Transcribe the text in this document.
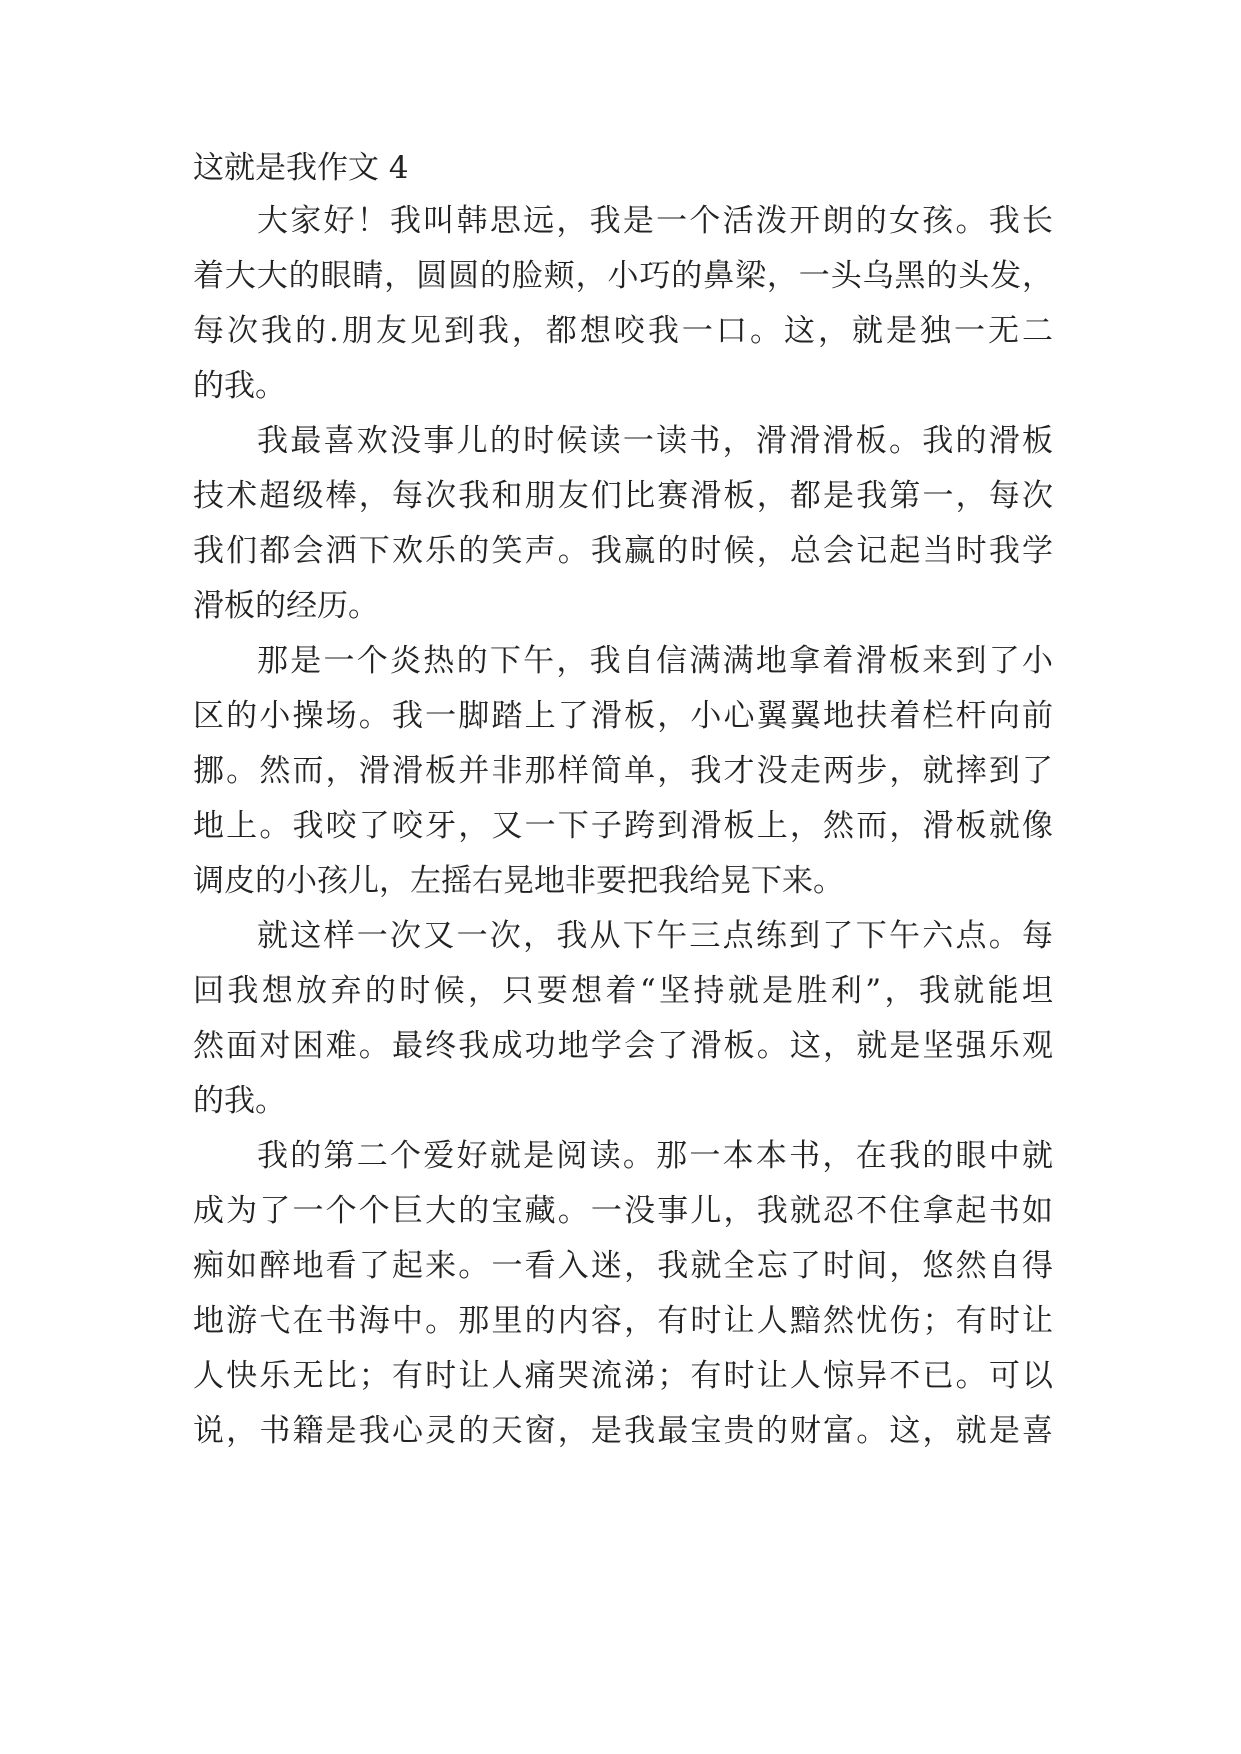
这就是我作文 4
大家好！我叫韩思远，我是一个活泼开朗的女孩。我长
着大大的眼睛，圆圆的脸颊，小巧的鼻梁，一头乌黑的头发，
每次我的.朋友见到我，都想咬我一口。这，就是独一无二
的我。
我最喜欢没事儿的时候读一读书，滑滑滑板。我的滑板
技术超级棒，每次我和朋友们比赛滑板，都是我第一，每次
我们都会洒下欢乐的笑声。我赢的时候，总会记起当时我学
滑板的经历。
那是一个炎热的下午，我自信满满地拿着滑板来到了小
区的小操场。我一脚踏上了滑板，小心翼翼地扶着栏杆向前
挪。然而，滑滑板并非那样简单，我才没走两步，就摔到了
地上。我咬了咬牙，又一下子跨到滑板上，然而，滑板就像
调皮的小孩儿，左摇右晃地非要把我给晃下来。
就这样一次又一次，我从下午三点练到了下午六点。每
回我想放弃的时候，只要想着“坚持就是胜利”，我就能坦
然面对困难。最终我成功地学会了滑板。这，就是坚强乐观
的我。
我的第二个爱好就是阅读。那一本本书，在我的眼中就
成为了一个个巨大的宝藏。一没事儿，我就忍不住拿起书如
痴如醉地看了起来。一看入迷，我就全忘了时间，悠然自得
地游弋在书海中。那里的内容，有时让人黯然忧伤；有时让
人快乐无比；有时让人痛哭流涕；有时让人惊异不已。可以
说，书籍是我心灵的天窗，是我最宝贵的财富。这，就是喜
